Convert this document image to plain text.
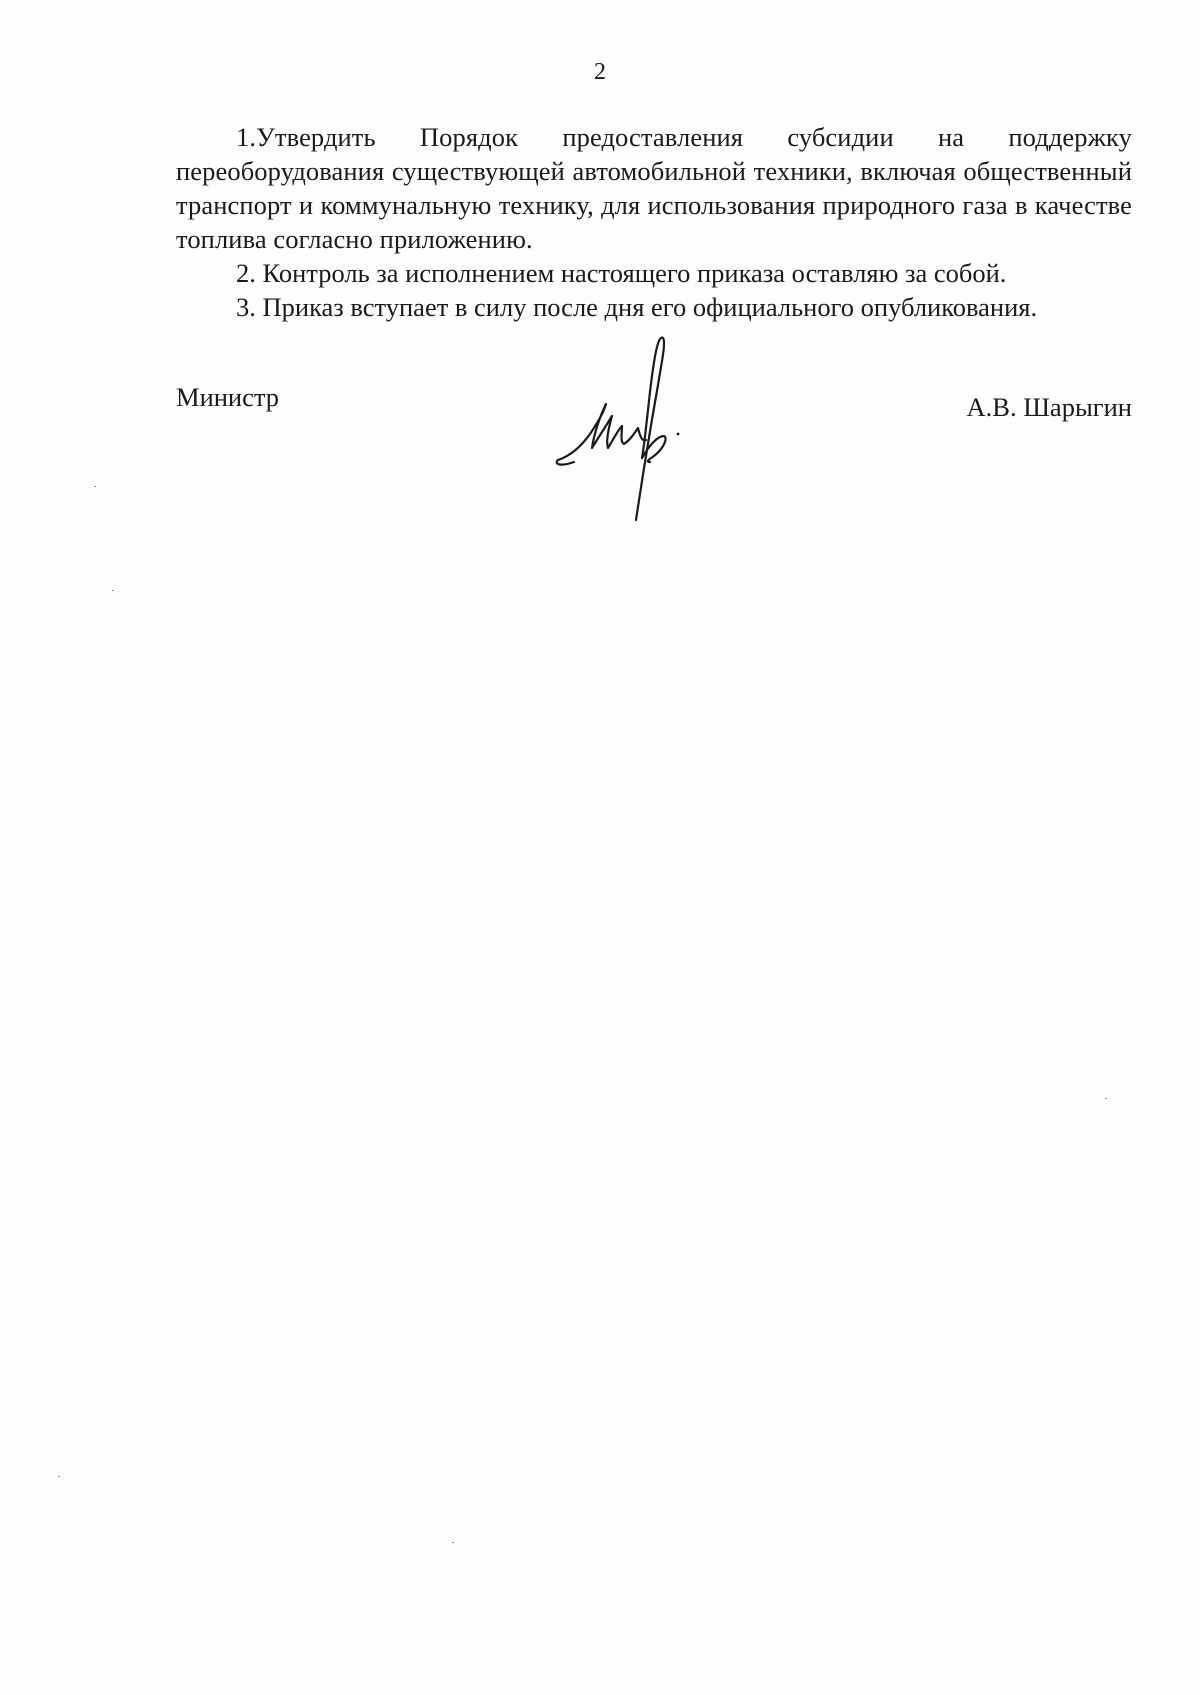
2

1.Утвердить Порядок предоставления субсидии на поддержку переоборудования существующей автомобильной техники, включая общественный транспорт и коммунальную технику, для использования природного газа в качестве топлива согласно приложению.

2. Контроль за исполнением настоящего приказа оставляю за собой.

3. Приказ вступает в силу после дня его официального опубликования.

Министр	А.В. Шарыгин
